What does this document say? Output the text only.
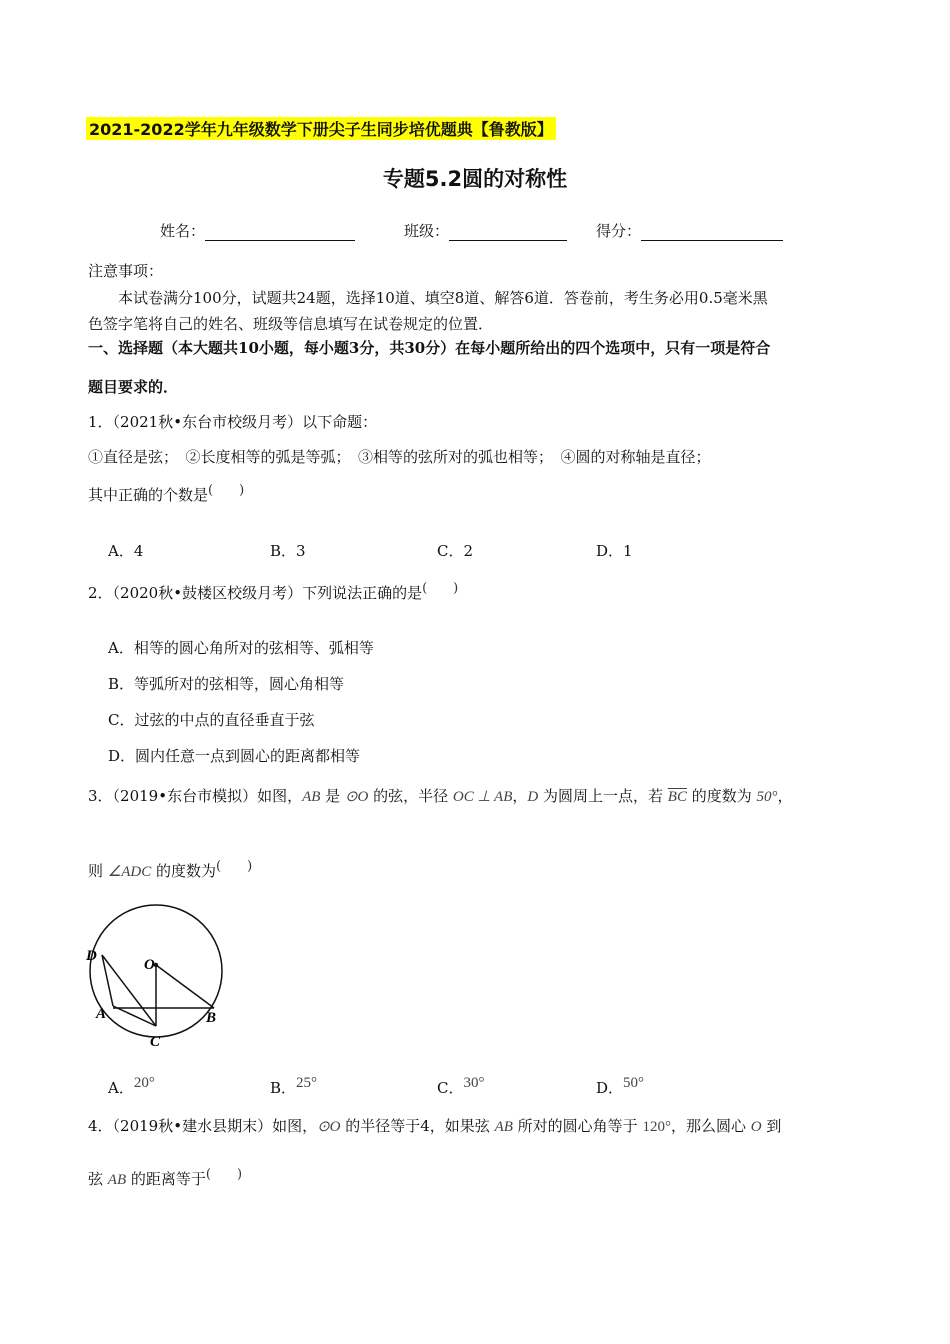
2021-2022学年九年级数学下册尖子生同步培优题典【鲁教版】
专题5.2圆的对称性
姓名：	班级：	得分：
注意事项：
本试卷满分100分，试题共24题，选择10道、填空8道、解答6道．答卷前，考生务必用0.5毫米黑
色签字笔将自己的姓名、班级等信息填写在试卷规定的位置．
一、选择题（本大题共10小题，每小题3分，共30分）在每小题所给出的四个选项中，只有一项是符合
题目要求的．
1．（2021秋•东台市校级月考）以下命题：
①直径是弦；　②长度相等的弧是等弧；　③相等的弦所对的弧也相等；　④圆的对称轴是直径；
其中正确的个数是(　　)
A．4	B．3	C．2	D．1
2．（2020秋•鼓楼区校级月考）下列说法正确的是(　　)
A．相等的圆心角所对的弦相等、弧相等
B．等弧所对的弦相等，圆心角相等
C．过弦的中点的直径垂直于弦
D．圆内任意一点到圆心的距离都相等
3．（2019•东台市模拟）如图，AB 是 ⊙O 的弦，半径 OC ⊥ AB，D 为圆周上一点，若 $\overline{BC}$ 的度数为 50°，
则 ∠ADC 的度数为(　　)
D
O
A	B
C
A．20°	B．25°	C．30°	D．50°
4．（2019秋•建水县期末）如图，⊙O 的半径等于4，如果弦 AB 所对的圆心角等于 120°，那么圆心 O 到
弦 AB 的距离等于(　　)
